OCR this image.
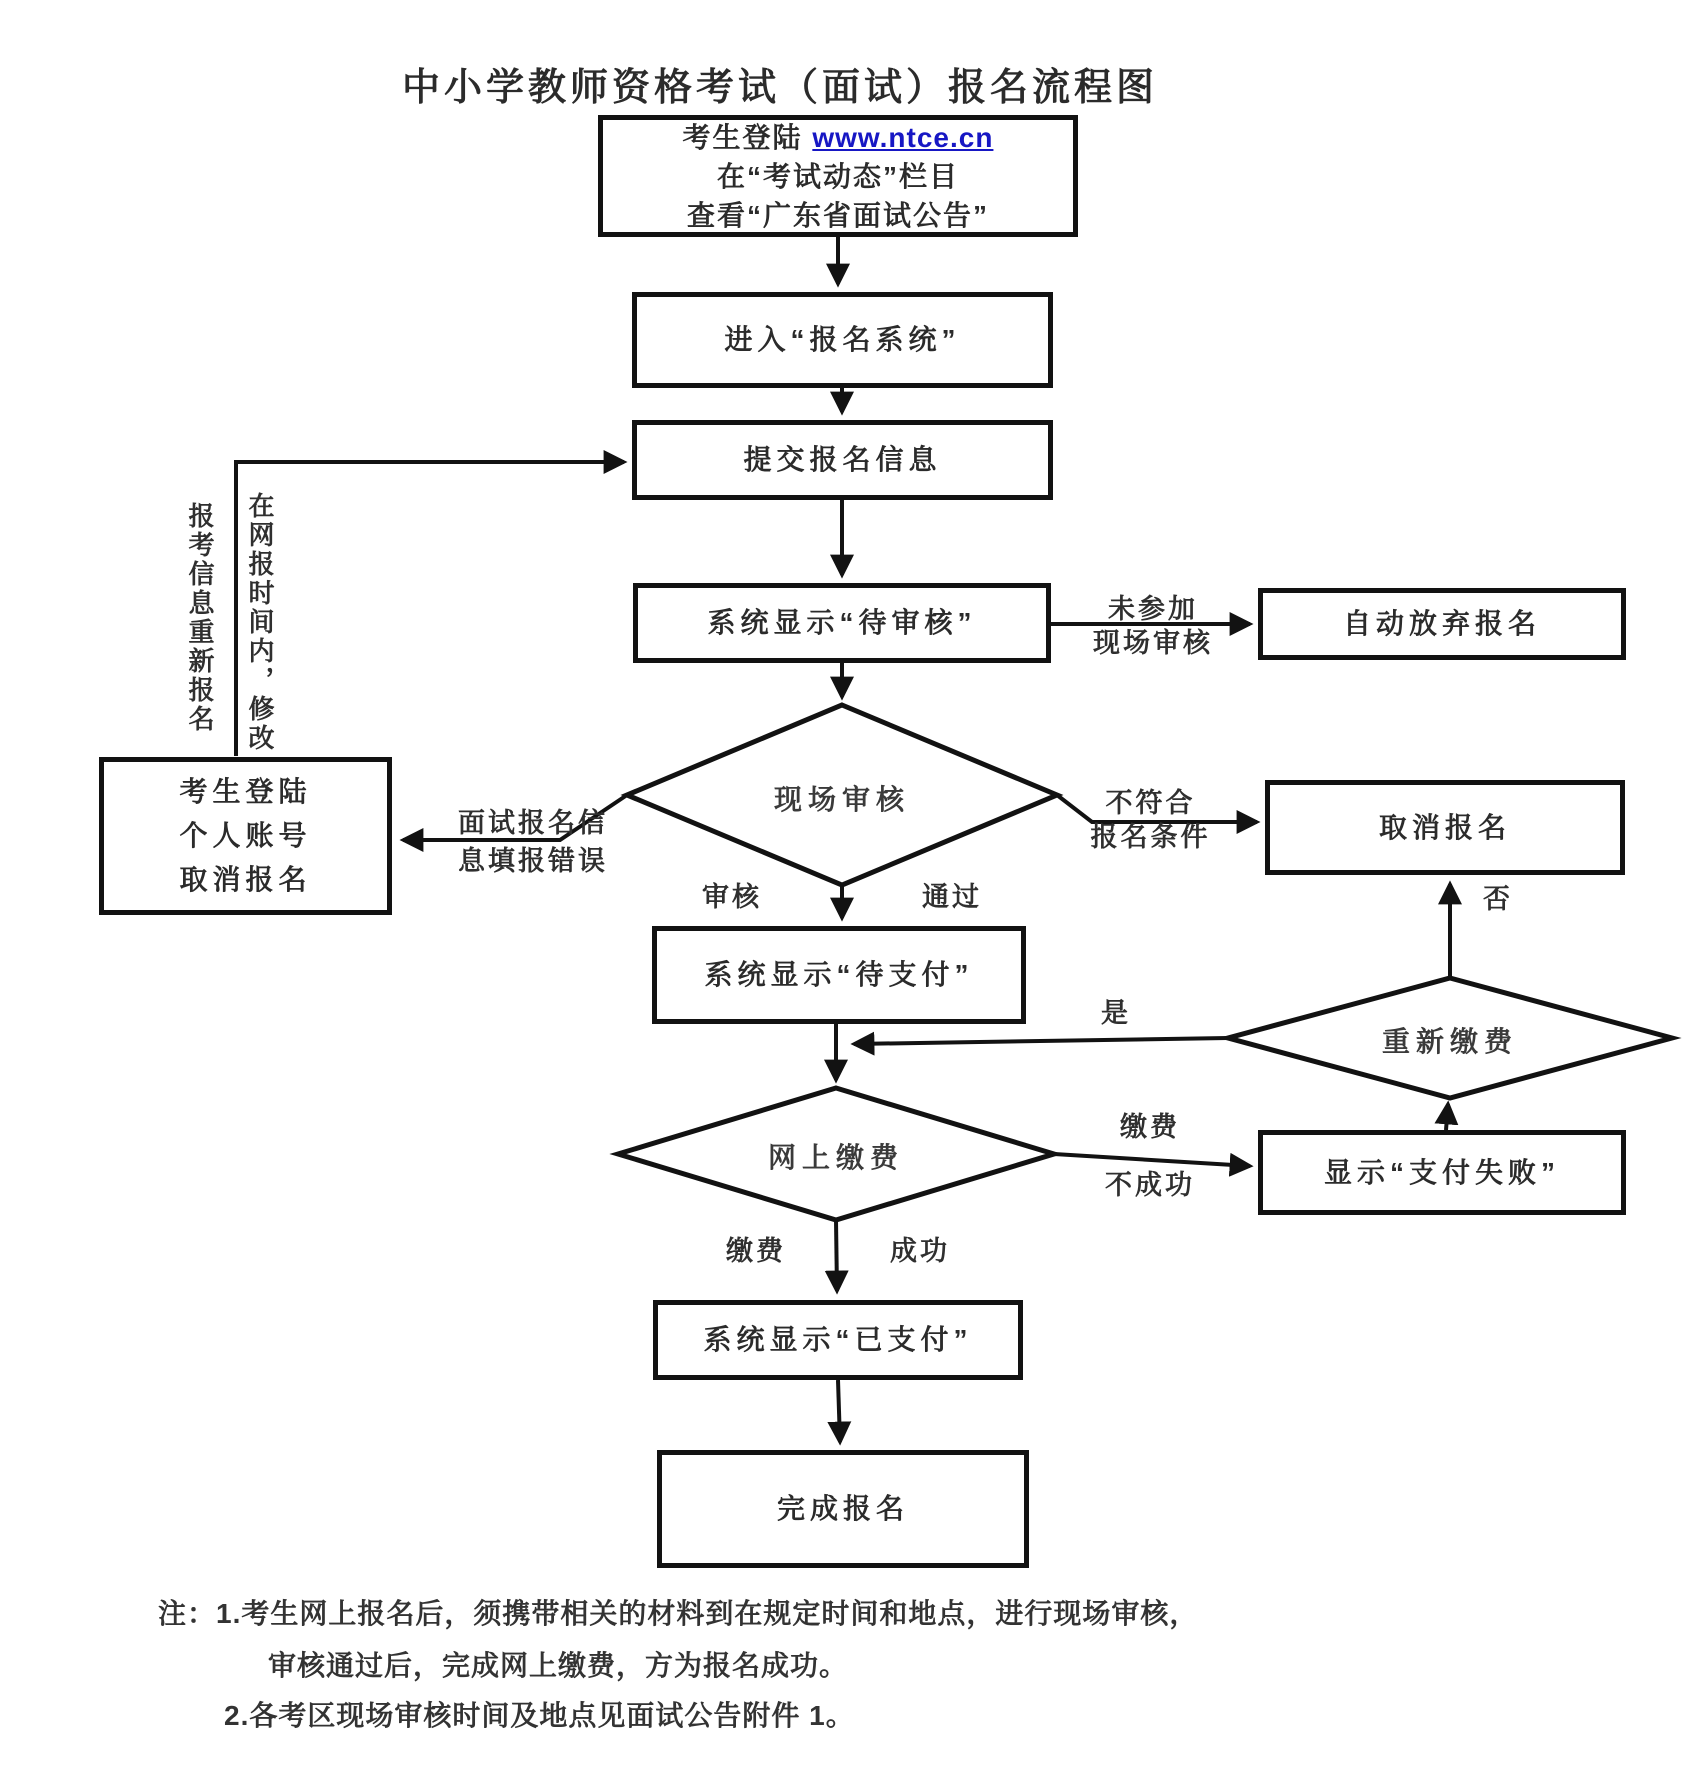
中小学教师资格考试（面试）报名流程图
考生登陆 www.ntce.cn
在“考试动态”栏目
查看“广东省面试公告”
进入“报名系统”
提交报名信息
系统显示“待审核”	自动放弃报名
取消报名
考生登陆
个人账号
取消报名
系统显示“待支付”
显示“支付失败”
系统显示“已支付”
完成报名
现场审核
网上缴费
重新缴费
未参加
现场审核
不符合
报名条件
面试报名信
息填报错误
审核	通过
是
否
缴费
不成功
缴费	成功
报考信息重新报名 在网报时间内，修改
注：1.考生网上报名后，须携带相关的材料到在规定时间和地点，进行现场审核，
审核通过后，完成网上缴费，方为报名成功。
2.各考区现场审核时间及地点见面试公告附件 1。
